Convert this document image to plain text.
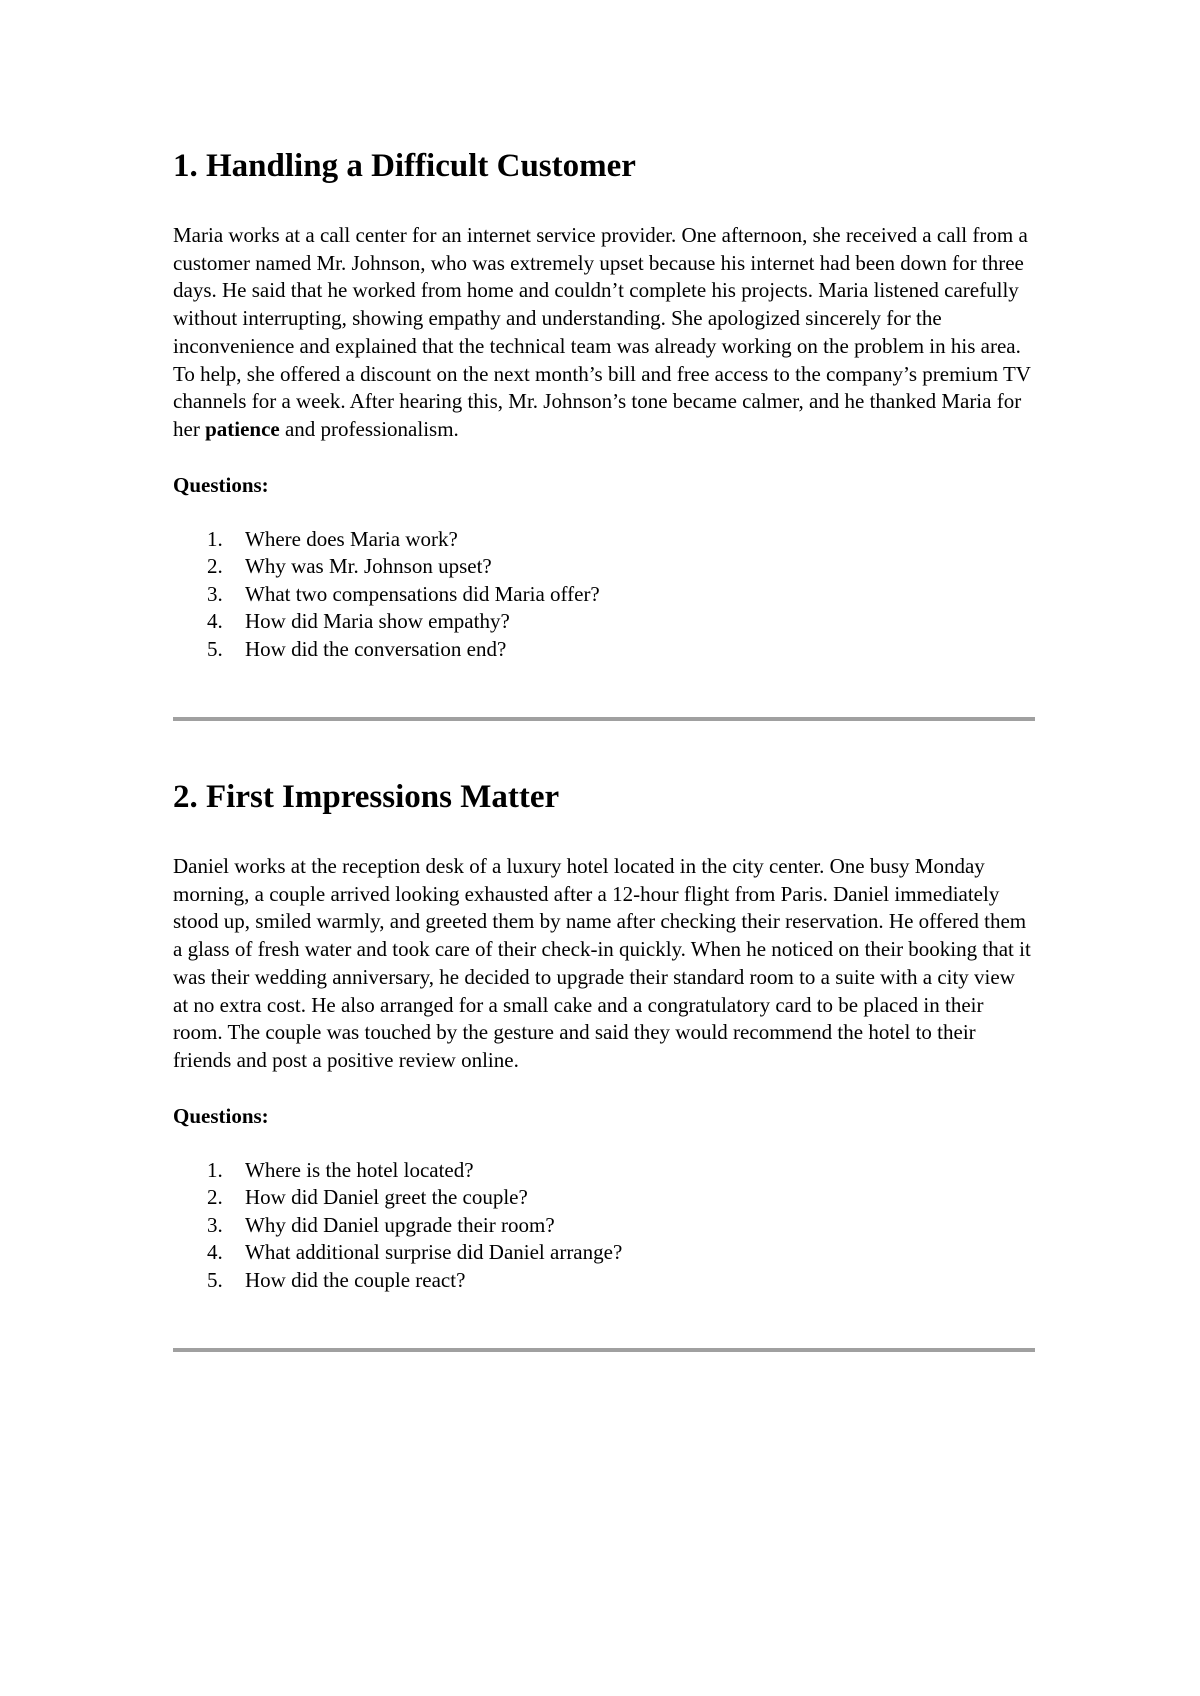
1. Handling a Difficult Customer

Maria works at a call center for an internet service provider. One afternoon, she received a call from a customer named Mr. Johnson, who was extremely upset because his internet had been down for three days. He said that he worked from home and couldn’t complete his projects. Maria listened carefully without interrupting, showing empathy and understanding. She apologized sincerely for the inconvenience and explained that the technical team was already working on the problem in his area. To help, she offered a discount on the next month’s bill and free access to the company’s premium TV channels for a week. After hearing this, Mr. Johnson’s tone became calmer, and he thanked Maria for her patience and professionalism.

Questions:

1. Where does Maria work?
2. Why was Mr. Johnson upset?
3. What two compensations did Maria offer?
4. How did Maria show empathy?
5. How did the conversation end?
2. First Impressions Matter

Daniel works at the reception desk of a luxury hotel located in the city center. One busy Monday morning, a couple arrived looking exhausted after a 12-hour flight from Paris. Daniel immediately stood up, smiled warmly, and greeted them by name after checking their reservation. He offered them a glass of fresh water and took care of their check-in quickly. When he noticed on their booking that it was their wedding anniversary, he decided to upgrade their standard room to a suite with a city view at no extra cost. He also arranged for a small cake and a congratulatory card to be placed in their room. The couple was touched by the gesture and said they would recommend the hotel to their friends and post a positive review online.

Questions:

1. Where is the hotel located?
2. How did Daniel greet the couple?
3. Why did Daniel upgrade their room?
4. What additional surprise did Daniel arrange?
5. How did the couple react?
